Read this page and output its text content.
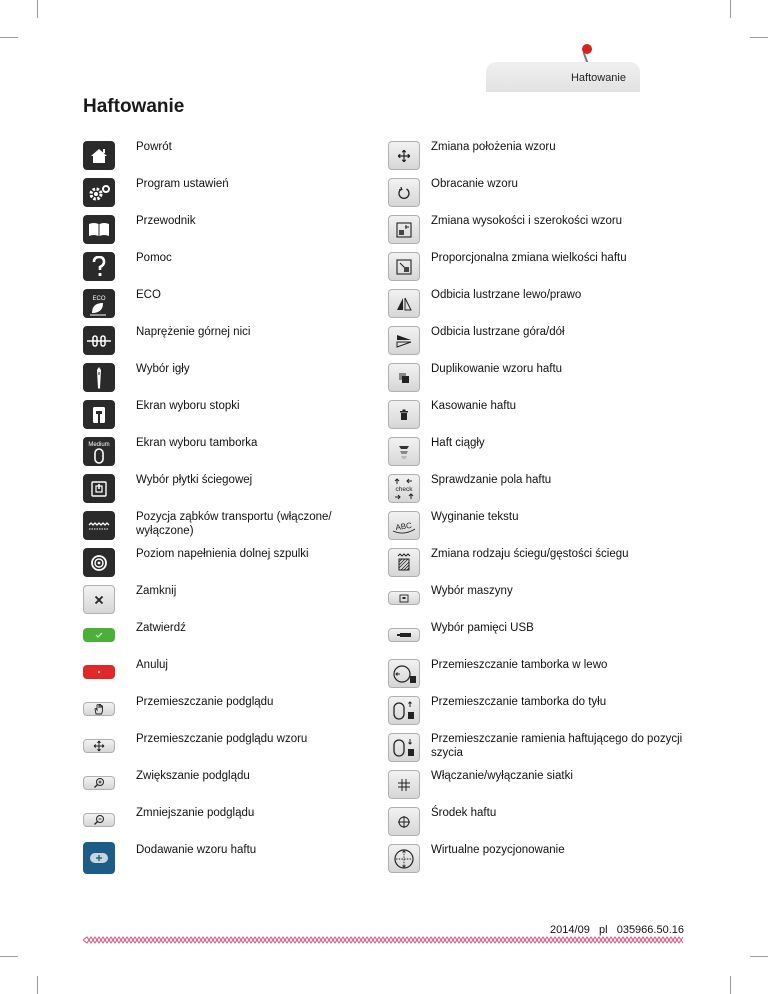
Haftowanie
Haftowanie
Powrót
Program ustawień
Przewodnik
Pomoc
ECO	ECO
Naprężenie górnej nici
Wybór igły
Ekran wyboru stopki
Medium Ekran wyboru tamborka
Wybór płytki ściegowej
Pozycja ząbków transportu (włączone/ wyłączone)
Poziom napełnienia dolnej szpulki
Zamknij
Zatwierdź
Anuluj
Przemieszczanie podglądu
Przemieszczanie podglądu wzoru
Zwiększanie podglądu
Zmniejszanie podglądu
Dodawanie wzoru haftu
Zmiana położenia wzoru
Obracanie wzoru
Zmiana wysokości i szerokości wzoru
Proporcjonalna zmiana wielkości haftu
Odbicia lustrzane lewo/prawo
Odbicia lustrzane góra/dół
Duplikowanie wzoru haftu
Kasowanie haftu
Haft ciągły
check
Sprawdzanie pola haftu
ABC
Wyginanie tekstu
Zmiana rodzaju ściegu/gęstości ściegu
Wybór maszyny
Wybór pamięci USB
Przemieszczanie tamborka w lewo
Przemieszczanie tamborka do tyłu
Przemieszczanie ramienia haftującego do pozycji szycia
Włączanie/wyłączanie siatki
Środek haftu
Wirtualne pozycjonowanie
2014/09   pl   035966.50.16
